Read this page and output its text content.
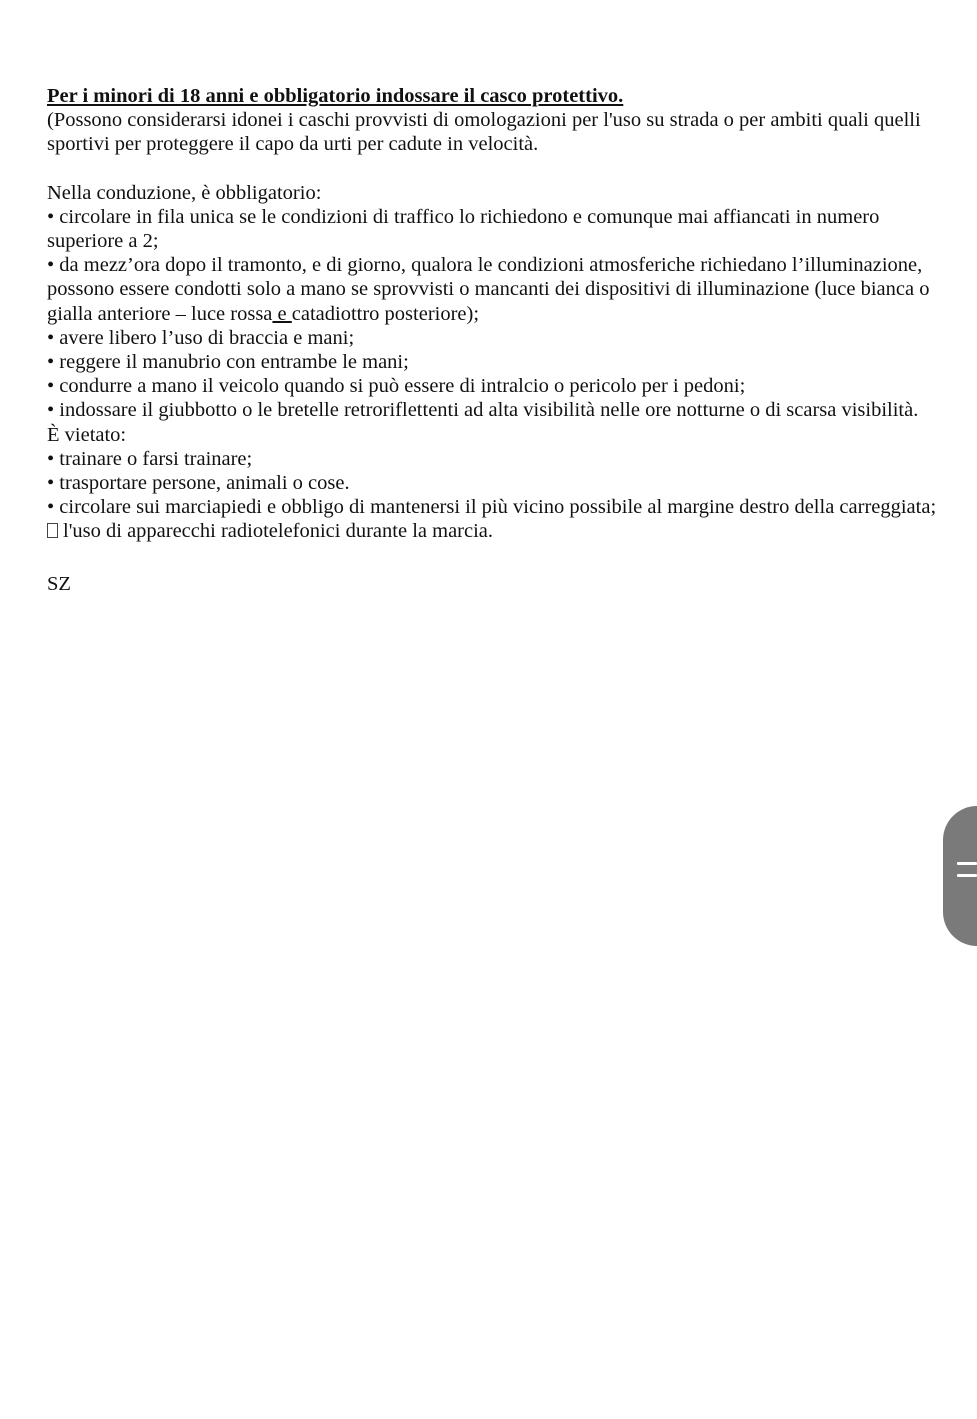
Per i minori di 18 anni e obbligatorio indossare il casco protettivo.

(Possono considerarsi idonei i caschi provvisti di omologazioni per l'uso su strada o per ambiti quali quelli sportivi per proteggere il capo da urti per cadute in velocità.

Nella conduzione, è obbligatorio:

• circolare in fila unica se le condizioni di traffico lo richiedono e comunque mai affiancati in numero superiore a 2;

• da mezz’ora dopo il tramonto, e di giorno, qualora le condizioni atmosferiche richiedano l’illuminazione, possono essere condotti solo a mano se sprovvisti o mancanti dei dispositivi di illuminazione (luce bianca o gialla anteriore – luce rossa e catadiottro posteriore);

• avere libero l’uso di braccia e mani;

• reggere il manubrio con entrambe le mani;

• condurre a mano il veicolo quando si può essere di intralcio o pericolo per i pedoni;

• indossare il giubbotto o le bretelle retroriflettenti ad alta visibilità nelle ore notturne o di scarsa visibilità.

È vietato:

• trainare o farsi trainare;

• trasportare persone, animali o cose.

• circolare sui marciapiedi e obbligo di mantenersi il più vicino possibile al margine destro della carreggiata;

l'uso di apparecchi radiotelefonici durante la marcia.

SZ
